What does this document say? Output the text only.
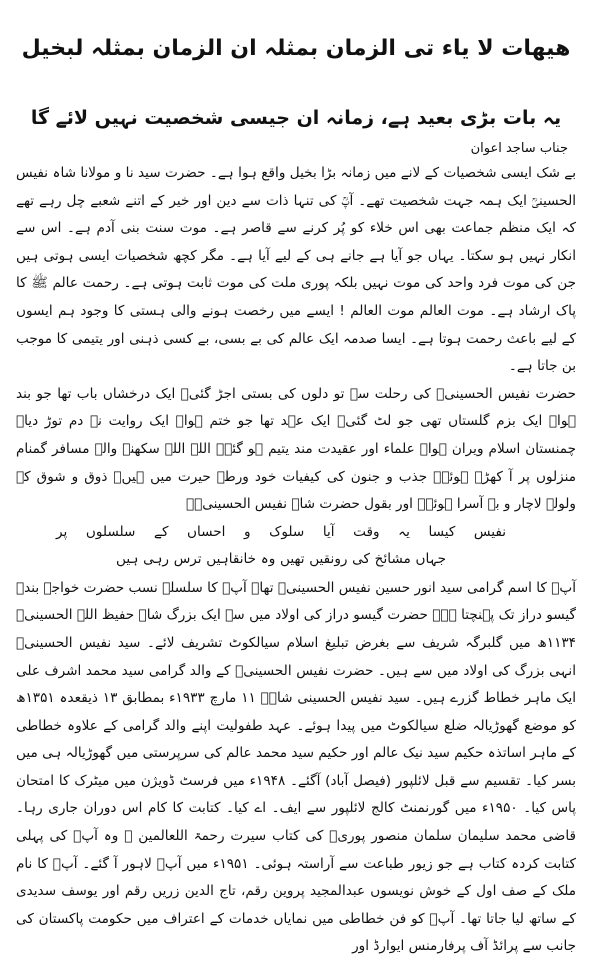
هیهات لا یاء تی الزمان بمثلہ ان الزمان بمثلہ لبخیل
یہ بات بڑی بعید ہے، زمانہ ان جیسی شخصیت نہیں لائے گا
جناب ساجد اعوان

بے شک ایسی شخصیات کے لانے میں زمانہ بڑا بخیل واقع ہوا ہے۔ حضرت سید نا و مولانا شاہ نفیس الحسینیؒ ایک ہمہ جہت شخصیت تھے۔ آپؒ کی تنہا ذات سے دین اور خیر کے اتنے شعبے چل رہے تھے کہ ایک منظم جماعت بھی اس خلاء کو پُر کرنے سے قاصر ہے۔ موت سنت بنی آدم ہے۔ اس سے انکار نہیں ہو سکتا۔ یہاں جو آیا ہے جانے ہی کے لیے آیا ہے۔ مگر کچھ شخصیات ایسی ہوتی ہیں جن کی موت فرد واحد کی موت نہیں بلکہ پوری ملت کی موت ثابت ہوتی ہے۔ رحمت عالم ﷺ کا پاک ارشاد ہے۔ موت العالم موت العالم ! ایسے میں رخصت ہونے والی ہستی کا وجود ہم ایسوں کے لیے باعث رحمت ہوتا ہے۔ ایسا صدمہ ایک عالم کی بے بسی، بے کسی ذہنی اور یتیمی کا موجب بن جاتا ہے۔

حضرت نفیس الحسینیؒ کی رحلت سے تو دلوں کی بستی اجڑ گئی۔ ایک درخشاں باب تھا جو بند ہوا۔ ایک بزم گلستاں تھی جو لٹ گئی۔ ایک عہد تھا جو ختم ہوا۔ ایک روایت نے دم توڑ دیا۔ چمنستان اسلام ویران ہوا۔ علماء اور عقیدت مند یتیم ہو گئے۔ اللہ اللہ سکھنے والے مسافر گمنام منزلوں پر آ کھڑے ہوئے۔ جذب و جنون کی کیفیات خود ورطہ حیرت میں ہیں۔ ذوق و شوق کے ولولے لاچار و بے آسرا ہوئے۔ اور بقول حضرت شاہ نفیس الحسینیؒ۔

نفیس کیسا یہ وقت آیا سلوک و احساں کے سلسلوں پر
جہاں مشائخ کی رونقیں تھیں وہ خانقاہیں ترس رہی ہیں

آپؒ کا اسم گرامی سید انور حسین نفیس الحسینیؒ تھا۔ آپؒ کا سلسلہ نسب حضرت خواجہ بندہ گیسو دراز تک پہنچتا ہے۔ حضرت گیسو دراز کی اولاد میں سے ایک بزرگ شاہ حفیظ اللہ الحسینیؒ ۱۱۳۴ھ میں گلبرگہ شریف سے بغرض تبلیغ اسلام سیالکوٹ تشریف لائے۔ سید نفیس الحسینیؒ انہی بزرگ کی اولاد میں سے ہیں۔ حضرت نفیس الحسینیؒ کے والد گرامی سید محمد اشرف علی ایک ماہر خطاط گزرے ہیں۔ سید نفیس الحسینی شاہؒ ۱۱ مارچ ۱۹۳۳ء بمطابق ۱۳ ذیقعدہ ۱۳۵۱ھ کو موضع گھوڑیالہ ضلع سیالکوٹ میں پیدا ہوئے۔ عہد طفولیت اپنے والد گرامی کے علاوہ خطاطی کے ماہر اساتذہ حکیم سید نیک عالم اور حکیم سید محمد عالم کی سرپرستی میں گھوڑیالہ ہی میں بسر کیا۔ تقسیم سے قبل لائلپور (فیصل آباد) آگئے۔ ۱۹۴۸ء میں فرسٹ ڈویژن میں میٹرک کا امتحان پاس کیا۔ ۱۹۵۰ء میں گورنمنٹ کالج لائلپور سے ایف۔ اے کیا۔ کتابت کا کام اس دوران جاری رہا۔ قاضی محمد سلیمان سلمان منصور پوریؒ کی کتاب سیرت رحمۃ اللعالمین ﷺ وہ آپؒ کی پہلی کتابت کردہ کتاب ہے جو زیور طباعت سے آراستہ ہوئی۔ ۱۹۵۱ء میں آپؒ لاہور آ گئے۔ آپؒ کا نام ملک کے صف اول کے خوش نویسوں عبدالمجید پروین رقم، تاج الدین زریں رقم اور یوسف سدیدی کے ساتھ لیا جاتا تھا۔ آپؒ کو فن خطاطی میں نمایاں خدمات کے اعتراف میں حکومت پاکستان کی جانب سے پرائڈ آف پرفارمنس ایوارڈ اور
